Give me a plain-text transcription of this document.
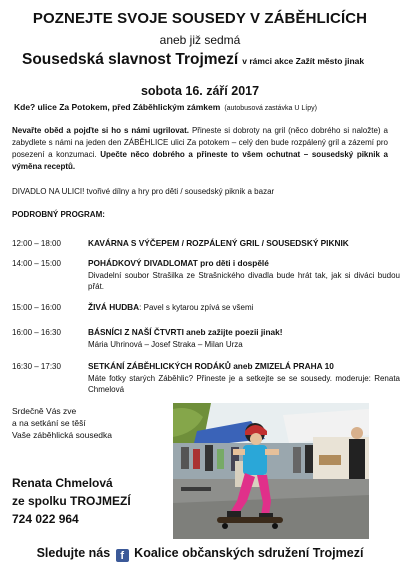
POZNEJTE SVOJE SOUSEDY V ZÁBĚHLICÍCH
aneb již sedmá
Sousedská slavnost Trojmezí v rámci akce Zažít město jinak
sobota 16. září 2017
Kde? ulice Za Potokem, před Záběhlickým zámkem (autobusová zastávka U Lípy)
Nevařte oběd a pojďte si ho s námi ugrilovat. Přineste si dobroty na gril (něco dobrého si naložte) a zabydlete s námi na jeden den ZÁBĚHLICE ulici Za potokem – celý den bude rozpálený gril a zázemí pro posezení a konzumaci. Upečte něco dobrého a přineste to všem ochutnat – sousedský piknik a výměna receptů.
DIVADLO NA ULICI! tvořivé dílny a hry pro děti / sousedský piknik a bazar
PODROBNÝ PROGRAM:
12:00 – 18:00	KAVÁRNA S VÝČEPEM / ROZPÁLENÝ GRIL / SOUSEDSKÝ PIKNIK
14:00 – 15:00	POHÁDKOVÝ DIVADLOMAT pro děti i dospělé
Divadelní soubor Strašilka ze Strašnického divadla bude hrát tak, jak si diváci budou přát.
15:00 – 16:00	ŽIVÁ HUDBA: Pavel s kytarou zpívá se všemi
16:00 – 16:30	BÁSNÍCI Z NAŠÍ ČTVRTI aneb zažijte poezii jinak!
Mária Uhrinová – Josef Straka – Milan Urza
16:30 – 17:30	SETKÁNÍ ZÁBĚHLICKÝCH RODÁKŮ aneb ZMIZELÁ PRAHA 10
Máte fotky starých Záběhlic? Přineste je a setkejte se se sousedy. moderuje: Renata Chmelová
Srdečně Vás zve
a na setkání se těší
Vaše záběhlická sousedka
Renata Chmelová
ze spolku TROJMEZÍ
724 022 964
Sledujte nás f Koalice občanských sdružení Trojmezí
